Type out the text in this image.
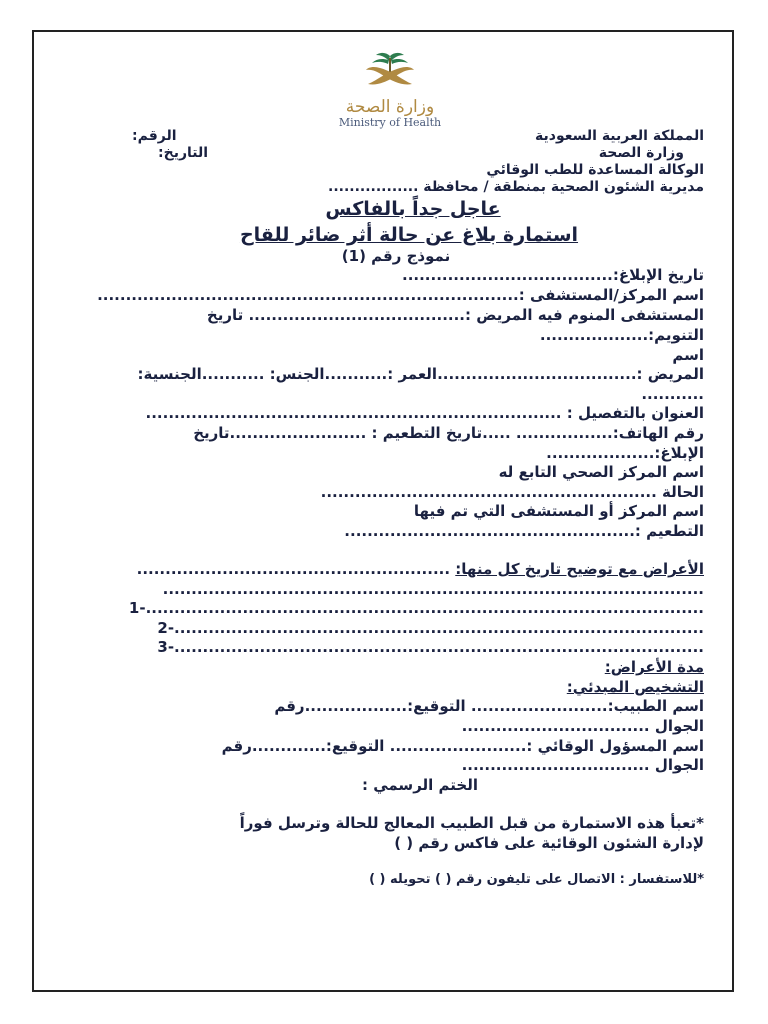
وزارة الصحة
Ministry of Health
المملكة العربية السعودية
الرقم:
وزارة الصحة
التاريخ:
الوكالة المساعدة للطب الوقائي
مديرية الشئون الصحية بمنطقة / محافظة .................
عاجل جداً بالفاكس
استمارة بلاغ عن حالة أثر ضائر للقاح
نموذج رقم (1)
تاريخ الإبلاغ:.....................................
اسم المركز/المستشفى :..........................................................................
المستشفى المنوم فيه المريض :...................................... تاريخ
التنويم:...................
اسم
المريض :...................................العمر :...........الجنس: ...........الجنسية:
...........
العنوان بالتفصيل : .........................................................................
رقم الهاتف:................. .....تاريخ التطعيم : ........................تاريخ
الإبلاغ:...................
اسم المركز الصحي التابع له
الحالة ...........................................................
اسم المركز أو المستشفى التي تم فيها
التطعيم :...................................................
الأعراض مع توضيح تاريخ كل منها: .......................................................
...............................................................................................
1-..................................................................................................
2-.............................................................................................
3-.............................................................................................
مدة الأعراض:
التشخيص المبدئي:
اسم الطبيب:........................ التوقيع:..................رقم
الجوال .................................
اسم المسؤول الوقائي :........................ التوقيع:.............رقم
الجوال .................................
الختم الرسمي :
*تعبأ هذه الاستمارة من قبل الطبيب المعالج للحالة وترسل فوراً
لإدارة الشئون الوقائية على فاكس رقم ( )
*للاستفسار : الاتصال على تليفون رقم ( ) تحويله ( )
